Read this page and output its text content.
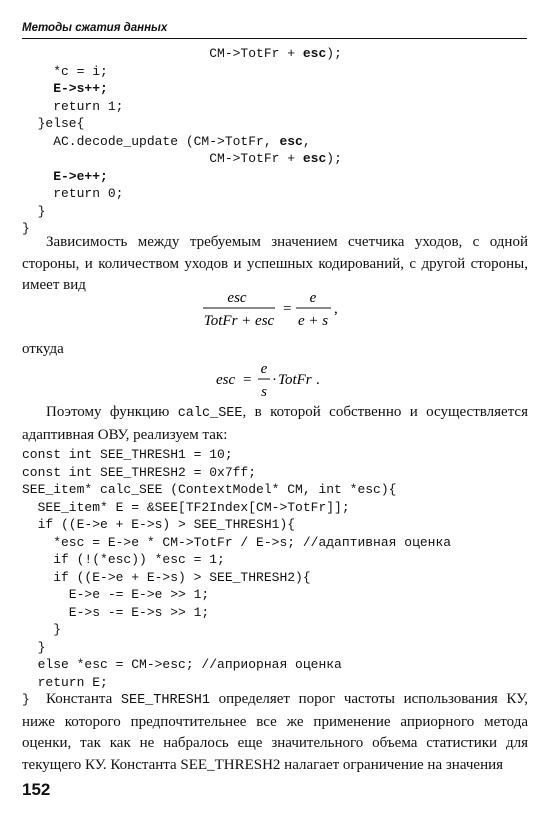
Методы сжатия данных
CM->TotFr + esc);
*c = i;
E->s++;
return 1;
}else{
AC.decode_update (CM->TotFr, esc,
CM->TotFr + esc);
E->e++;
return 0;
}
}

Зависимость между требуемым значением счетчика уходов, с одной стороны, и количеством уходов и успешных кодирований, с другой стороны, имеет вид

esc
TotFr + esc
=
e
e + s
,

откуда

esc =
e
s
· TotFr .

Поэтому функцию calc_SEE, в которой собственно и осуществляется адаптивная ОВУ, реализуем так:

const int SEE_THRESH1 = 10;
const int SEE_THRESH2 = 0x7ff;
SEE_item* calc_SEE (ContextModel* CM, int *esc){
SEE_item* E = &SEE[TF2Index[CM->TotFr]];
if ((E->e + E->s) > SEE_THRESH1){
*esc = E->e * CM->TotFr / E->s; //адаптивная оценка
if (!(*esc)) *esc = 1;
if ((E->e + E->s) > SEE_THRESH2){
E->e -= E->e >> 1;
E->s -= E->s >> 1;
}
}
else *esc = CM->esc; //априорная оценка
return E;
}	Константа SEE_THRESH1 определяет порог частоты использования КУ, ниже которого предпочтительнее все же применение априорного метода оценки, так как не набралось еще значительного объема статистики для текущего КУ. Константа SEE_THRESH2 налагает ограничение на значения

152
